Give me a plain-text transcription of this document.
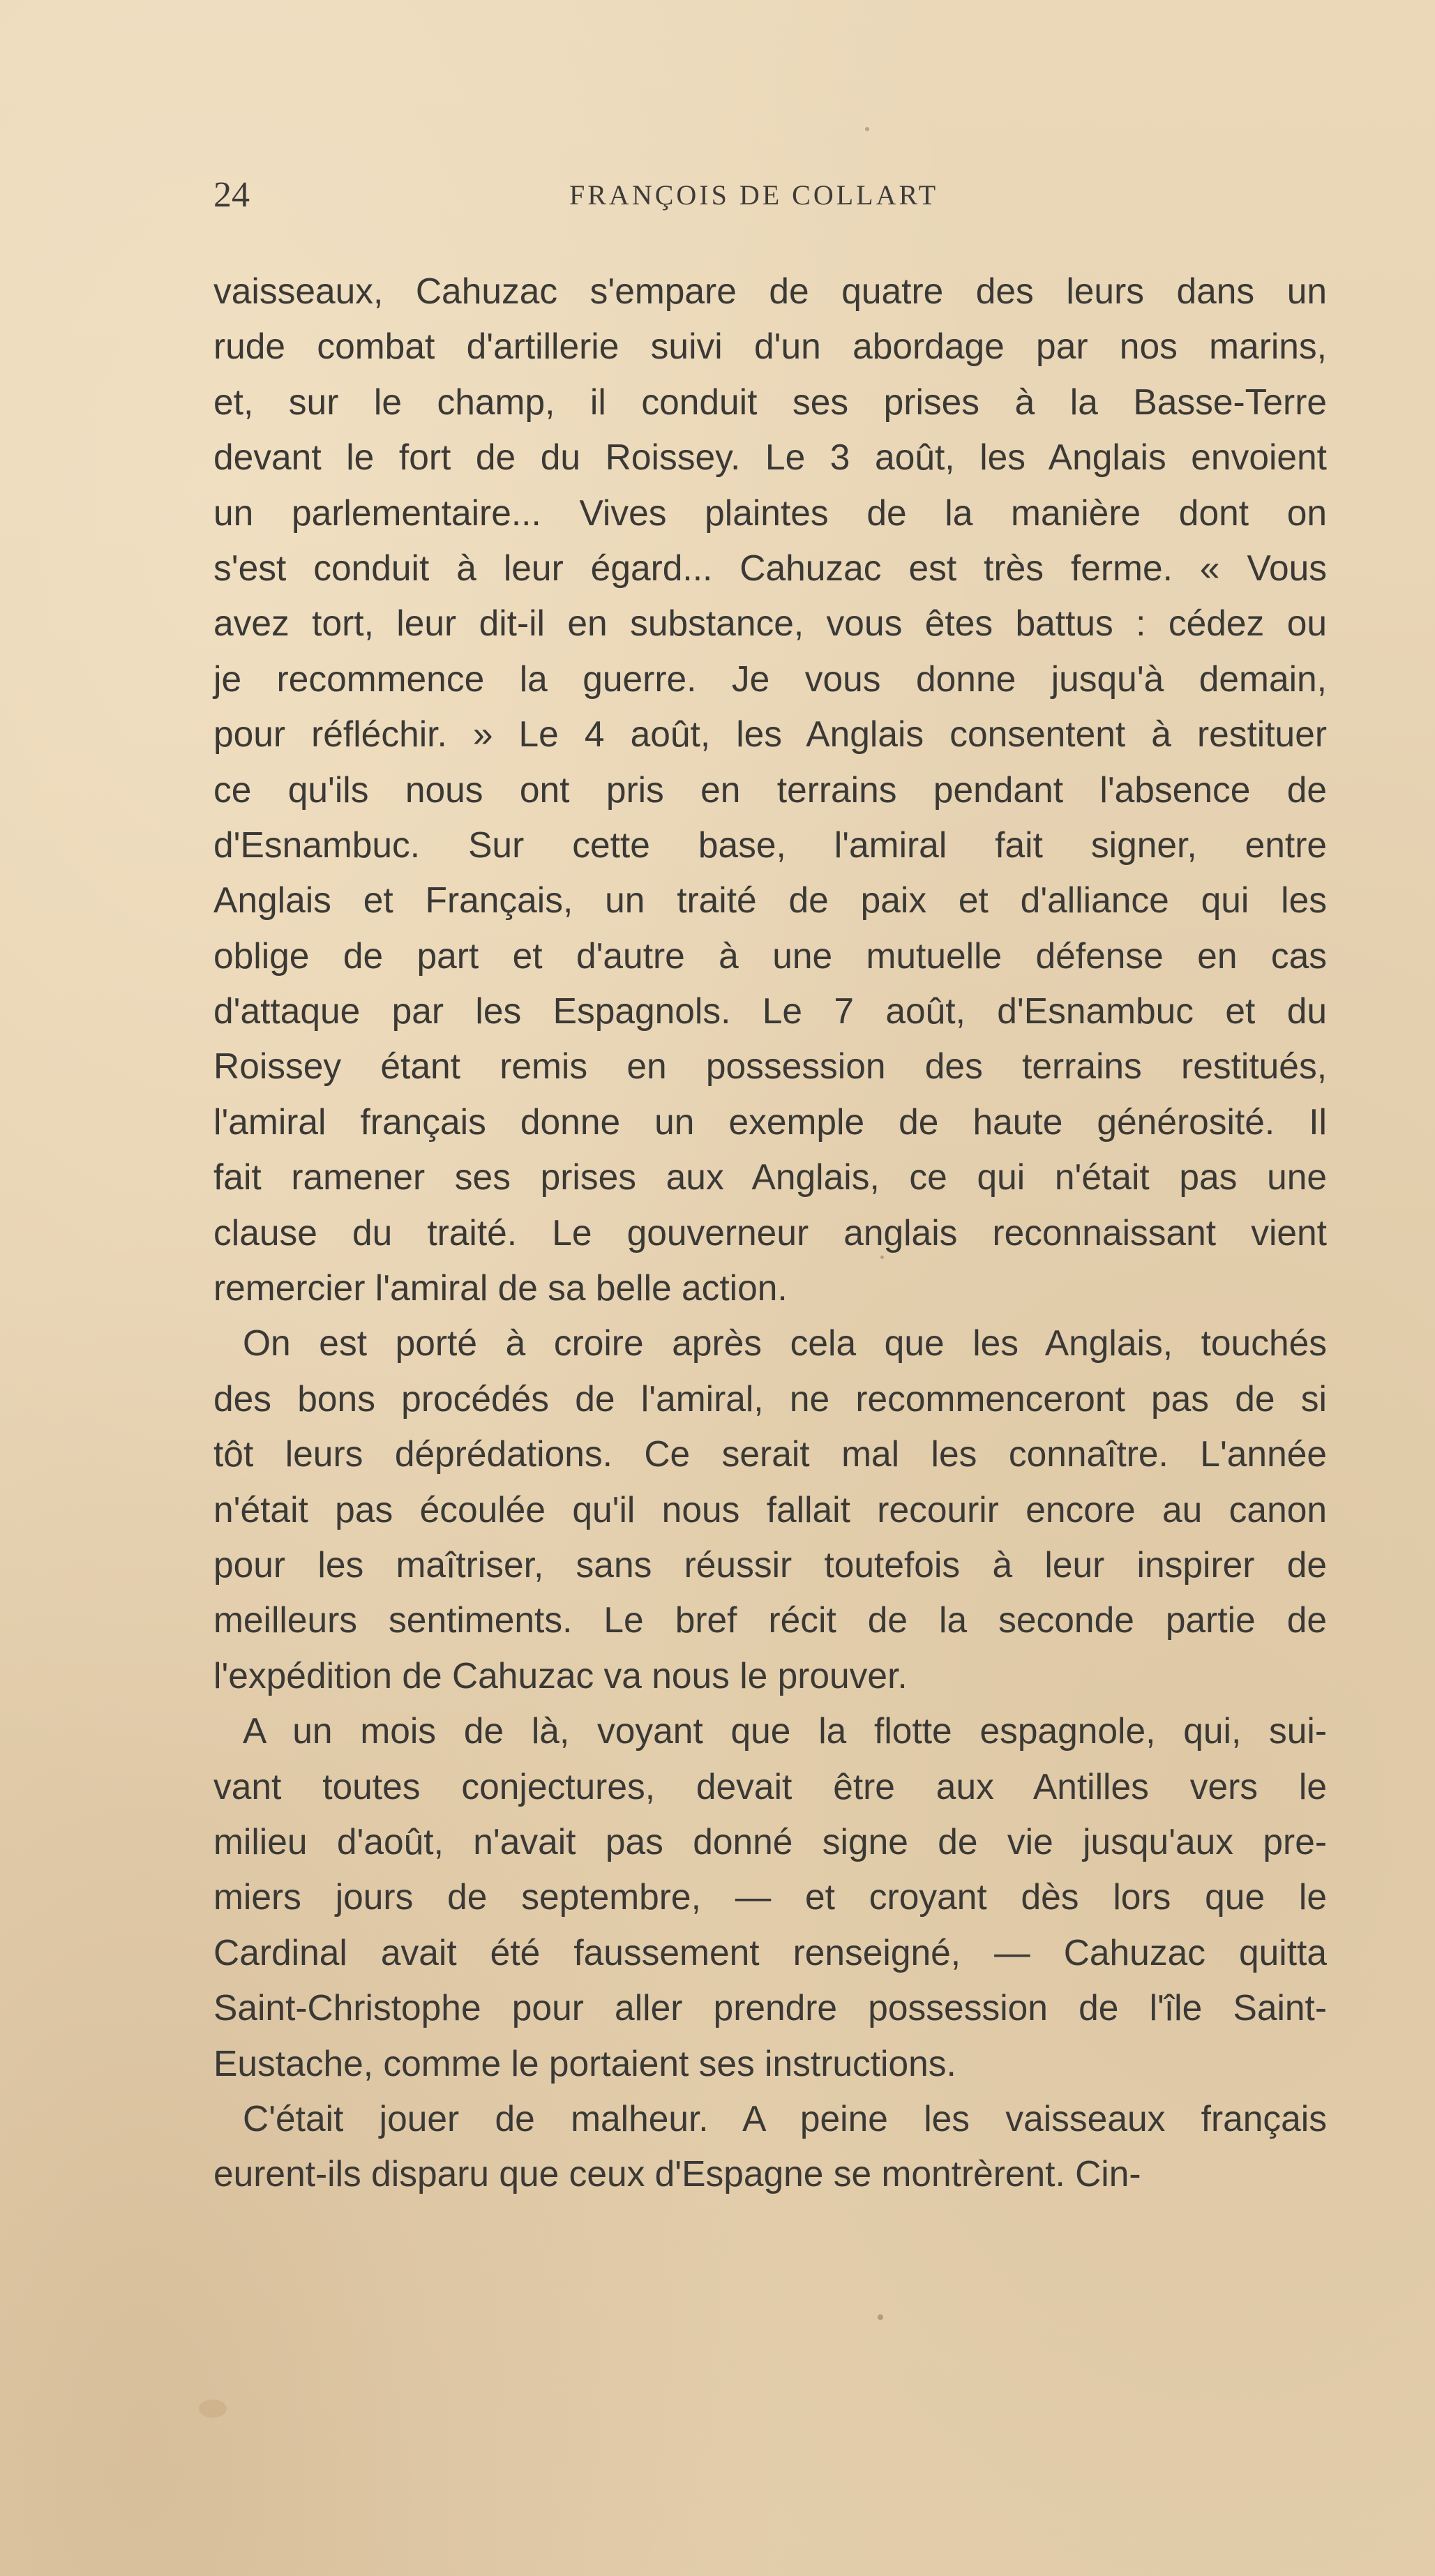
24	FRANÇOIS DE COLLART
vaisseaux, Cahuzac s'empare de quatre des leurs dans un
rude combat d'artillerie suivi d'un abordage par nos marins,
et, sur le champ, il conduit ses prises à la Basse-Terre
devant le fort de du Roissey. Le 3 août, les Anglais envoient
un parlementaire... Vives plaintes de la manière dont on
s'est conduit à leur égard... Cahuzac est très ferme. « Vous
avez tort, leur dit-il en substance, vous êtes battus : cédez ou
je recommence la guerre. Je vous donne jusqu'à demain,
pour réfléchir. » Le 4 août, les Anglais consentent à restituer
ce qu'ils nous ont pris en terrains pendant l'absence de
d'Esnambuc. Sur cette base, l'amiral fait signer, entre
Anglais et Français, un traité de paix et d'alliance qui les
oblige de part et d'autre à une mutuelle défense en cas
d'attaque par les Espagnols. Le 7 août, d'Esnambuc et du
Roissey étant remis en possession des terrains restitués,
l'amiral français donne un exemple de haute générosité. Il
fait ramener ses prises aux Anglais, ce qui n'était pas une
clause du traité. Le gouverneur anglais reconnaissant vient
remercier l'amiral de sa belle action.
On est porté à croire après cela que les Anglais, touchés
des bons procédés de l'amiral, ne recommenceront pas de si
tôt leurs déprédations. Ce serait mal les connaître. L'année
n'était pas écoulée qu'il nous fallait recourir encore au canon
pour les maîtriser, sans réussir toutefois à leur inspirer de
meilleurs sentiments. Le bref récit de la seconde partie de
l'expédition de Cahuzac va nous le prouver.
A un mois de là, voyant que la flotte espagnole, qui, sui-
vant toutes conjectures, devait être aux Antilles vers le
milieu d'août, n'avait pas donné signe de vie jusqu'aux pre-
miers jours de septembre, — et croyant dès lors que le
Cardinal avait été faussement renseigné, — Cahuzac quitta
Saint-Christophe pour aller prendre possession de l'île Saint-
Eustache, comme le portaient ses instructions.
C'était jouer de malheur. A peine les vaisseaux français
eurent-ils disparu que ceux d'Espagne se montrèrent. Cin-
